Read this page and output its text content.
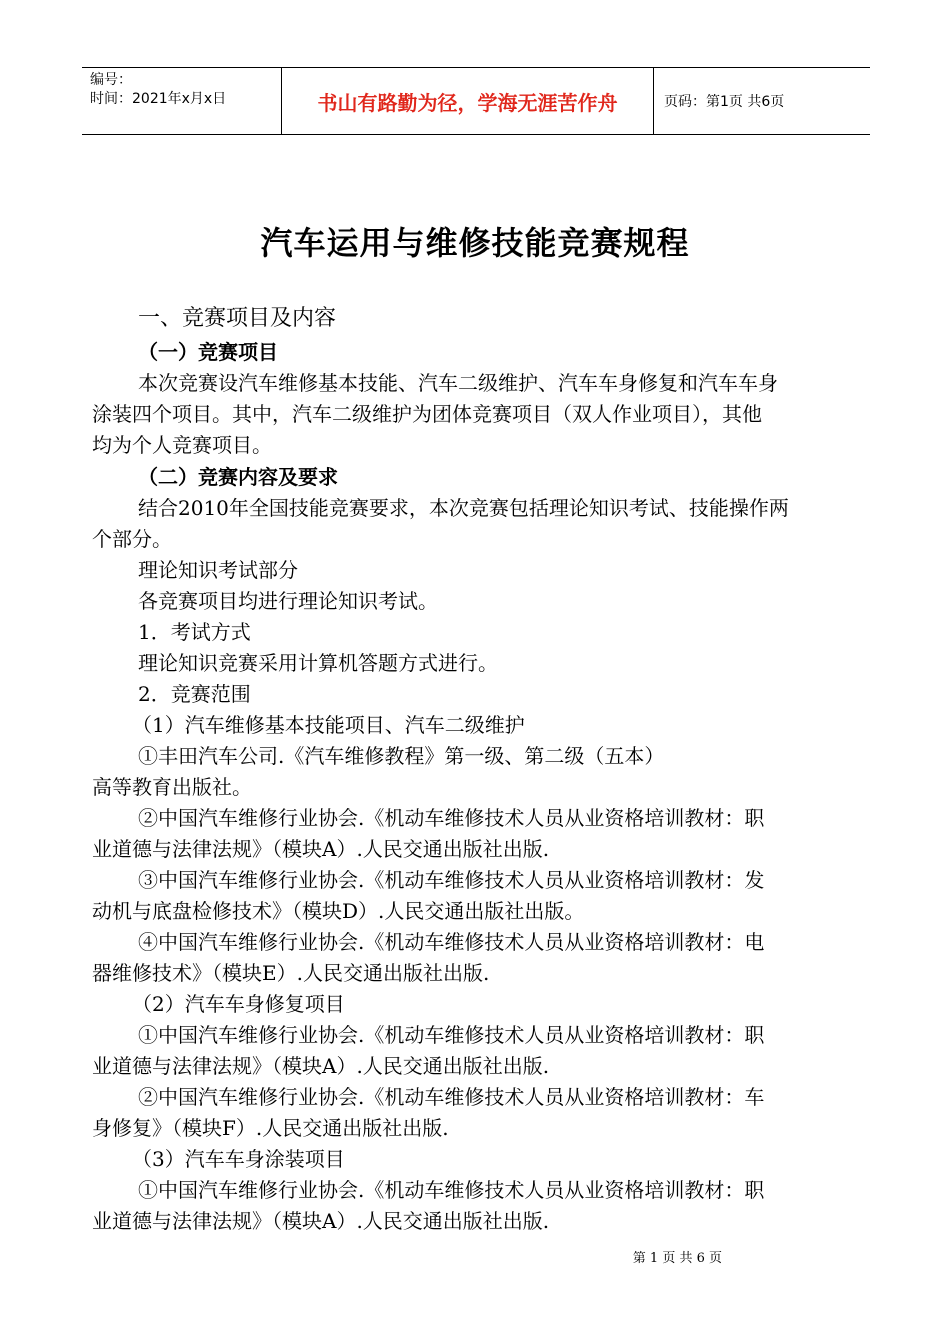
编号：
时间：2021年x月x日	书山有路勤为径，学海无涯苦作舟	页码：第1页 共6页
汽车运用与维修技能竞赛规程
一、竞赛项目及内容
（一）竞赛项目
本次竞赛设汽车维修基本技能、汽车二级维护、汽车车身修复和汽车车身
涂装四个项目。其中，汽车二级维护为团体竞赛项目（双人作业项目），其他
均为个人竞赛项目。
（二）竞赛内容及要求
结合2010年全国技能竞赛要求，本次竞赛包括理论知识考试、技能操作两
个部分。
理论知识考试部分
各竞赛项目均进行理论知识考试。
1．考试方式
理论知识竞赛采用计算机答题方式进行。
2．竞赛范围
（1）汽车维修基本技能项目、汽车二级维护
①丰田汽车公司.《汽车维修教程》第一级、第二级（五本）
高等教育出版社。
②中国汽车维修行业协会.《机动车维修技术人员从业资格培训教材：职
业道德与法律法规》（模块A）.人民交通出版社出版.
③中国汽车维修行业协会.《机动车维修技术人员从业资格培训教材：发
动机与底盘检修技术》（模块D）.人民交通出版社出版。
④中国汽车维修行业协会.《机动车维修技术人员从业资格培训教材：电
器维修技术》（模块E）.人民交通出版社出版.
（2）汽车车身修复项目
①中国汽车维修行业协会.《机动车维修技术人员从业资格培训教材：职
业道德与法律法规》（模块A）.人民交通出版社出版.
②中国汽车维修行业协会.《机动车维修技术人员从业资格培训教材：车
身修复》（模块F）.人民交通出版社出版.
（3）汽车车身涂装项目
①中国汽车维修行业协会.《机动车维修技术人员从业资格培训教材：职
业道德与法律法规》（模块A）.人民交通出版社出版.
第 1 页 共 6 页
